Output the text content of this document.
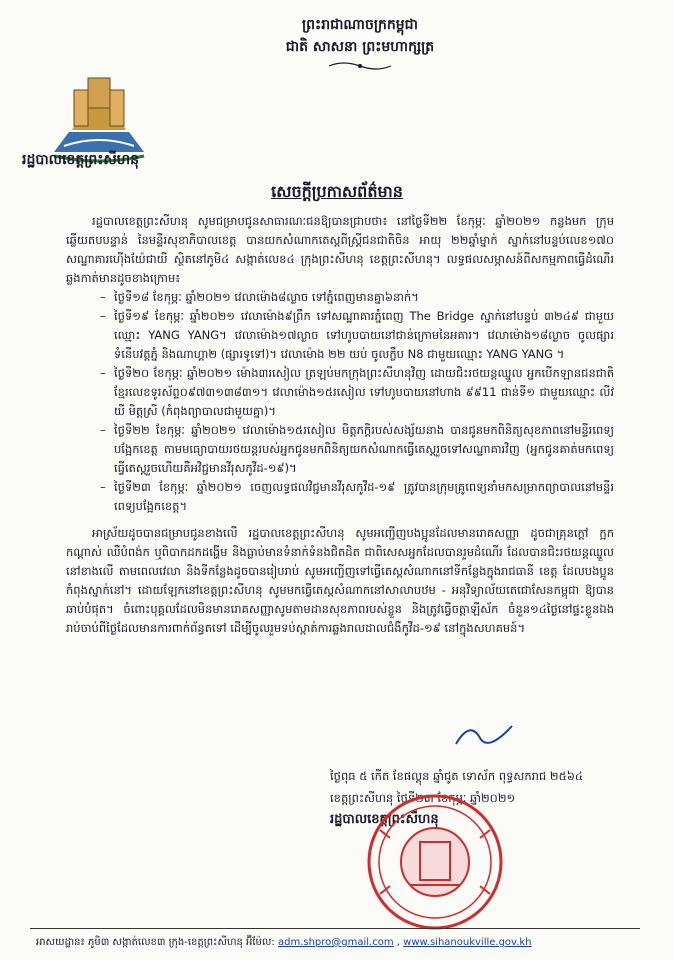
ព្រះរាជាណាចក្រកម្ពុជា
ជាតិ សាសនា ព្រះមហាក្សត្រ
រដ្ឋបាលខេត្តព្រះសីហនុ
សេចក្តីប្រកាសព័ត៌មាន

រដ្ឋបាលខេត្តព្រះសីហនុ សូមជម្រាបជូនសាធារណៈជនឱ្យបានជ្រាបថា៖ នៅថ្ងៃទី២២ ខែកុម្ភៈ ឆ្នាំ២០២១ កន្លងមក ក្រុមឆ្លើយតបបន្ទាន់ នៃមន្ទីរសុខាភិបាលខេត្ត បានយកសំណាកតេស្តពីស្រ្តីជនជាតិចិន អាយុ ២២ឆ្នាំម្នាក់ ស្នាក់នៅបន្ទប់លេខ១៧០ សណ្ឋាគារហ៊ើងយ៉ែជាយី ស្ថិតនៅភូមិ៤ សង្កាត់លេខ៤ ក្រុងព្រះសីហនុ ខេត្តព្រះសីហនុ។ លទ្ធផលសម្ភាសន៍ពីសកម្មភាពធ្វើដំណើរឆ្លងកាត់មានដូចខាងក្រោម៖

– ថ្ងៃទី១៨ ខែកុម្ភៈ ឆ្នាំ២០២១ វេលាម៉ោង៨ល្ងាច ទៅភ្នំពេញមានគ្នា៦នាក់។
– ថ្ងៃទី១៩ ខែកុម្ភៈ ឆ្នាំ២០២១ វេលាម៉ោង៩ព្រឹក ទៅសណ្ឋាគារភ្នំពេញ The Bridge ស្នាក់នៅបន្ទប់ ៣២៤៩ ជាមួយឈ្មោះ YANG YANG។ វេលាម៉ោង១៧ល្ងាច ទៅហូបបាយនៅជាន់ក្រោមនៃអគារ។ វេលាម៉ោង១៨ល្ងាច ចូលផ្សារទំនើបវត្តភ្នំ និងណាហ្គា២ (ផ្សារទូទៅ)។ វេលាម៉ោង ២២ យប់ ចូលក្លឹប N8 ជាមួយឈ្មោះ YANG YANG ។
– ថ្ងៃទី២០ ខែកុម្ភៈ ឆ្នាំ២០២១ ម៉ោង៣រសៀល ត្រឡប់មកក្រុងព្រះសីហនុវិញ ដោយជិះរថយន្តឈ្នួល អ្នកបើកឡានជនជាតិខ្មែរលេខទូរស័ព្ទ០៩៧៣១៣៨៣១។ វេលាម៉ោង១៥រសៀល ទៅហូបបាយនៅហាង ៩៩11 ជាន់ទី១ ជាមួយឈ្មោះ លីវ យី មិត្តស្រី (កំពុងព្យាបាលជាមួយគ្នា)។
– ថ្ងៃទី២២ ខែកុម្ភៈ ឆ្នាំ២០២១ វេលាម៉ោង១៥រសៀល មិត្តភក្តិរបស់សង្ស័យនាង បានជូនមកពិនិត្យសុខភាពនៅមន្ទីរពេទ្យបង្អែកខេត្ត តាមមធ្យោបាយរថយន្តរបស់អ្នកជូនមកពិនិត្យយកសំណាកធ្វើតេស្តរួចទៅសណ្ឋាគារវិញ (អ្នកជូនគាត់មកពេទ្យធ្វើតេស្តរួចហើយគឺអវិជ្ជមានវីរុសកូវីដ-១៩)។
– ថ្ងៃទី២៣ ខែកុម្ភៈ ឆ្នាំ២០២១ ចេញលទ្ធផលវិជ្ជមានវីរុសកូវីដ-១៩ ត្រូវបានក្រុមគ្រូពេទ្យនាំមកសម្រាកព្យាបាលនៅមន្ទីរពេទ្យបង្អែកខេត្ត។

អាស្រ័យដូចបានជម្រាបជូនខាងលើ រដ្ឋបាលខេត្តព្រះសីហនុ សូមអញ្ជើញបងប្អូនដែលមានរោគសញ្ញា ដូចជាគ្រុនក្តៅ ក្អក កណ្តាស់ ឈឺបំពង់ក ឬពិបាកដកដង្ហើម និងធ្លាប់មានទំនាក់ទំនងជិតដិត ជាពិសេសអ្នកដែលបានរួមដំណើរ ដែលបានជិះរថយន្តឈ្នួលនៅខាងលើ តាមពេលវេលា និងទីកន្លែងដូចបានរៀបរាប់ សូមអញ្ជើញទៅធ្វើតេស្តសំណាកនៅទីកន្លែងក្នុងរាជធានី ខេត្ត ដែលបងប្អូនកំពុងស្នាក់នៅ។ ដោយឡែកនៅខេត្តព្រះសីហនុ សូមមកធ្វើតេស្តសំណាកនៅសាលាបឋម - អនុវិទ្យាល័យតេជោសែនកម្ពុជា ឱ្យបានឆាប់បំផុត។ ចំពោះបុគ្គលដែលមិនមានរោគសញ្ញាសូមតាមដានសុខភាពរបស់ខ្លួន និងត្រូវធ្វើចត្តាឡីស័ក ចំនួន១៤ថ្ងៃនៅផ្ទះខ្លួនឯង រាប់ចាប់ពីថ្ងៃដែលមានការពាក់ព័ន្ធតទៅ ដើម្បីចូលរួមទប់ស្កាត់ការឆ្លងរាលដាលជំងឺកូវីដ-១៩ នៅក្នុងសហគមន៍។

ថ្ងៃពុធ ៥ កើត ខែផល្គុន ឆ្នាំជូត ទោស័ក ពុទ្ធសករាជ ២៥៦៤
ខេត្តព្រះសីហនុ ថ្ងៃទី២៣ ខែកុម្ភៈ ឆ្នាំ២០២១
រដ្ឋបាលខេត្តព្រះសីហនុ
អាសយដ្ឋាន៖ ភូមិ៣ សង្កាត់លេខ៣ ក្រុង-ខេត្តព្រះសីហនុ អ៊ីម៉ែល: adm.shpro@gmail.com , www.sihanoukville.gov.kh
